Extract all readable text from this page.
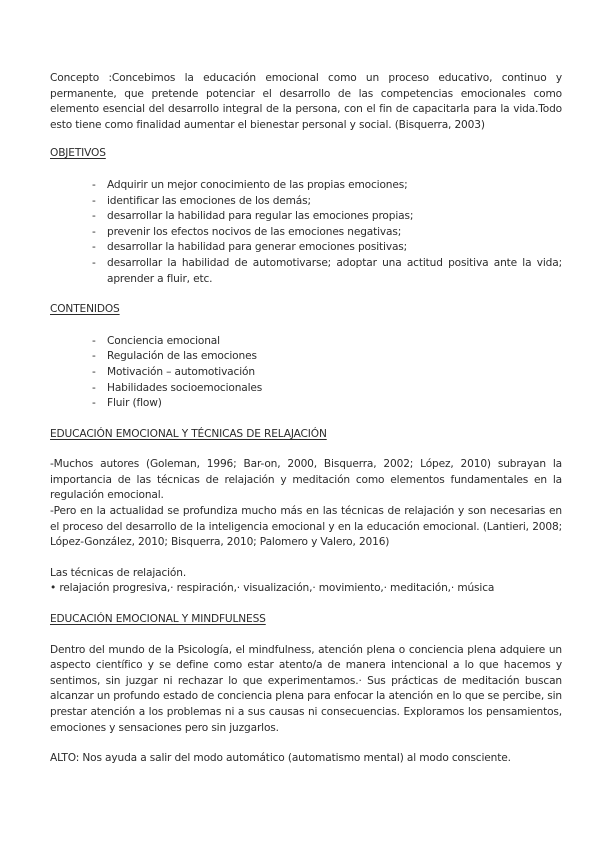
Concepto :Concebimos la educación emocional como un proceso educativo, continuo y permanente, que pretende potenciar el desarrollo de las competencias emocionales como elemento esencial del desarrollo integral de la persona, con el fin de capacitarla para la vida.Todo esto tiene como finalidad aumentar el bienestar personal y social. (Bisquerra, 2003)

OBJETIVOS

- Adquirir un mejor conocimiento de las propias emociones;
- identificar las emociones de los demás;
- desarrollar la habilidad para regular las emociones propias;
- prevenir los efectos nocivos de las emociones negativas;
- desarrollar la habilidad para generar emociones positivas;
- desarrollar la habilidad de automotivarse; adoptar una actitud positiva ante la vida; aprender a fluir, etc.

CONTENIDOS

- Conciencia emocional
- Regulación de las emociones
- Motivación – automotivación
- Habilidades socioemocionales
- Fluir (flow)

EDUCACIÓN EMOCIONAL Y TÉCNICAS DE RELAJACIÓN

-Muchos autores (Goleman, 1996; Bar-on, 2000, Bisquerra, 2002; López, 2010) subrayan la importancia de las técnicas de relajación y meditación como elementos fundamentales en la regulación emocional.

-Pero en la actualidad se profundiza mucho más en las técnicas de relajación y son necesarias en el proceso del desarrollo de la inteligencia emocional y en la educación emocional. (Lantieri, 2008; López-González, 2010; Bisquerra, 2010; Palomero y Valero, 2016)

Las técnicas de relajación.

• relajación progresiva,· respiración,· visualización,· movimiento,· meditación,· música

EDUCACIÓN EMOCIONAL Y MINDFULNESS

Dentro del mundo de la Psicología, el mindfulness, atención plena o conciencia plena adquiere un aspecto científico y se define como estar atento/a de manera intencional a lo que hacemos y sentimos, sin juzgar ni rechazar lo que experimentamos.· Sus prácticas de meditación buscan alcanzar un profundo estado de conciencia plena para enfocar la atención en lo que se percibe, sin prestar atención a los problemas ni a sus causas ni consecuencias. Exploramos los pensamientos, emociones y sensaciones pero sin juzgarlos.

ALTO: Nos ayuda a salir del modo automático (automatismo mental) al modo consciente.
